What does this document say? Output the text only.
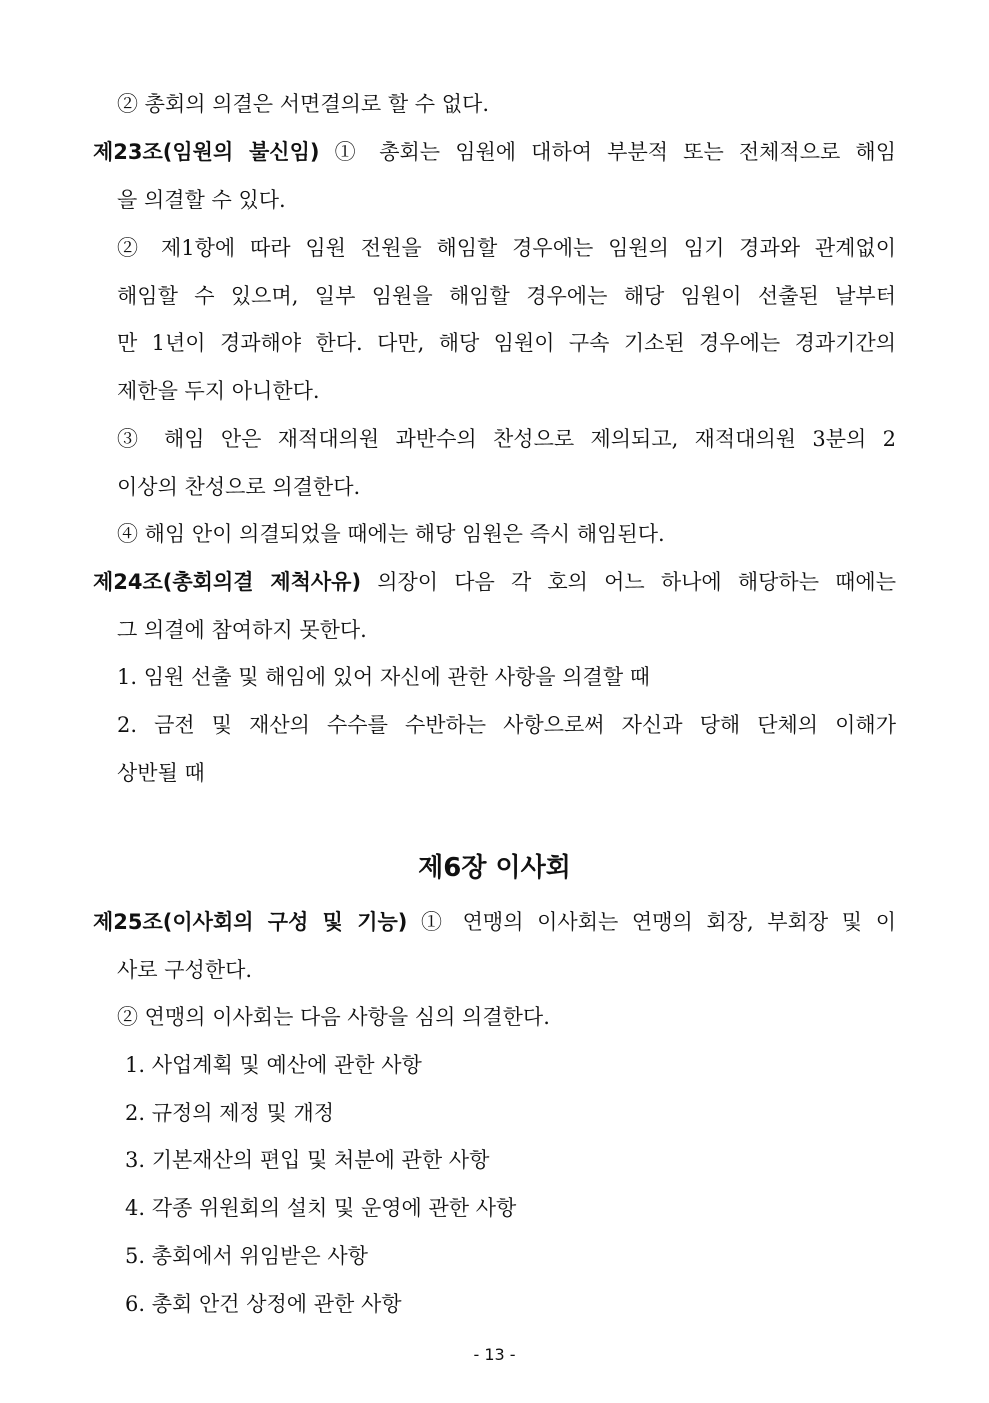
② 총회의 의결은 서면결의로 할 수 없다.
제23조(임원의 불신임) ① 총회는 임원에 대하여 부분적 또는 전체적으로 해임
을 의결할 수 있다.
② 제1항에 따라 임원 전원을 해임할 경우에는 임원의 임기 경과와 관계없이
해임할 수 있으며, 일부 임원을 해임할 경우에는 해당 임원이 선출된 날부터
만 1년이 경과해야 한다. 다만, 해당 임원이 구속 기소된 경우에는 경과기간의
제한을 두지 아니한다.
③ 해임 안은 재적대의원 과반수의 찬성으로 제의되고, 재적대의원 3분의 2
이상의 찬성으로 의결한다.
④ 해임 안이 의결되었을 때에는 해당 임원은 즉시 해임된다.
제24조(총회의결 제척사유) 의장이 다음 각 호의 어느 하나에 해당하는 때에는
그 의결에 참여하지 못한다.
1. 임원 선출 및 해임에 있어 자신에 관한 사항을 의결할 때
2. 금전 및 재산의 수수를 수반하는 사항으로써 자신과 당해 단체의 이해가
상반될 때
제6장 이사회
제25조(이사회의 구성 및 기능) ① 연맹의 이사회는 연맹의 회장, 부회장 및 이
사로 구성한다.
② 연맹의 이사회는 다음 사항을 심의 의결한다.
1. 사업계획 및 예산에 관한 사항
2. 규정의 제정 및 개정
3. 기본재산의 편입 및 처분에 관한 사항
4. 각종 위원회의 설치 및 운영에 관한 사항
5. 총회에서 위임받은 사항
6. 총회 안건 상정에 관한 사항
- 13 -
